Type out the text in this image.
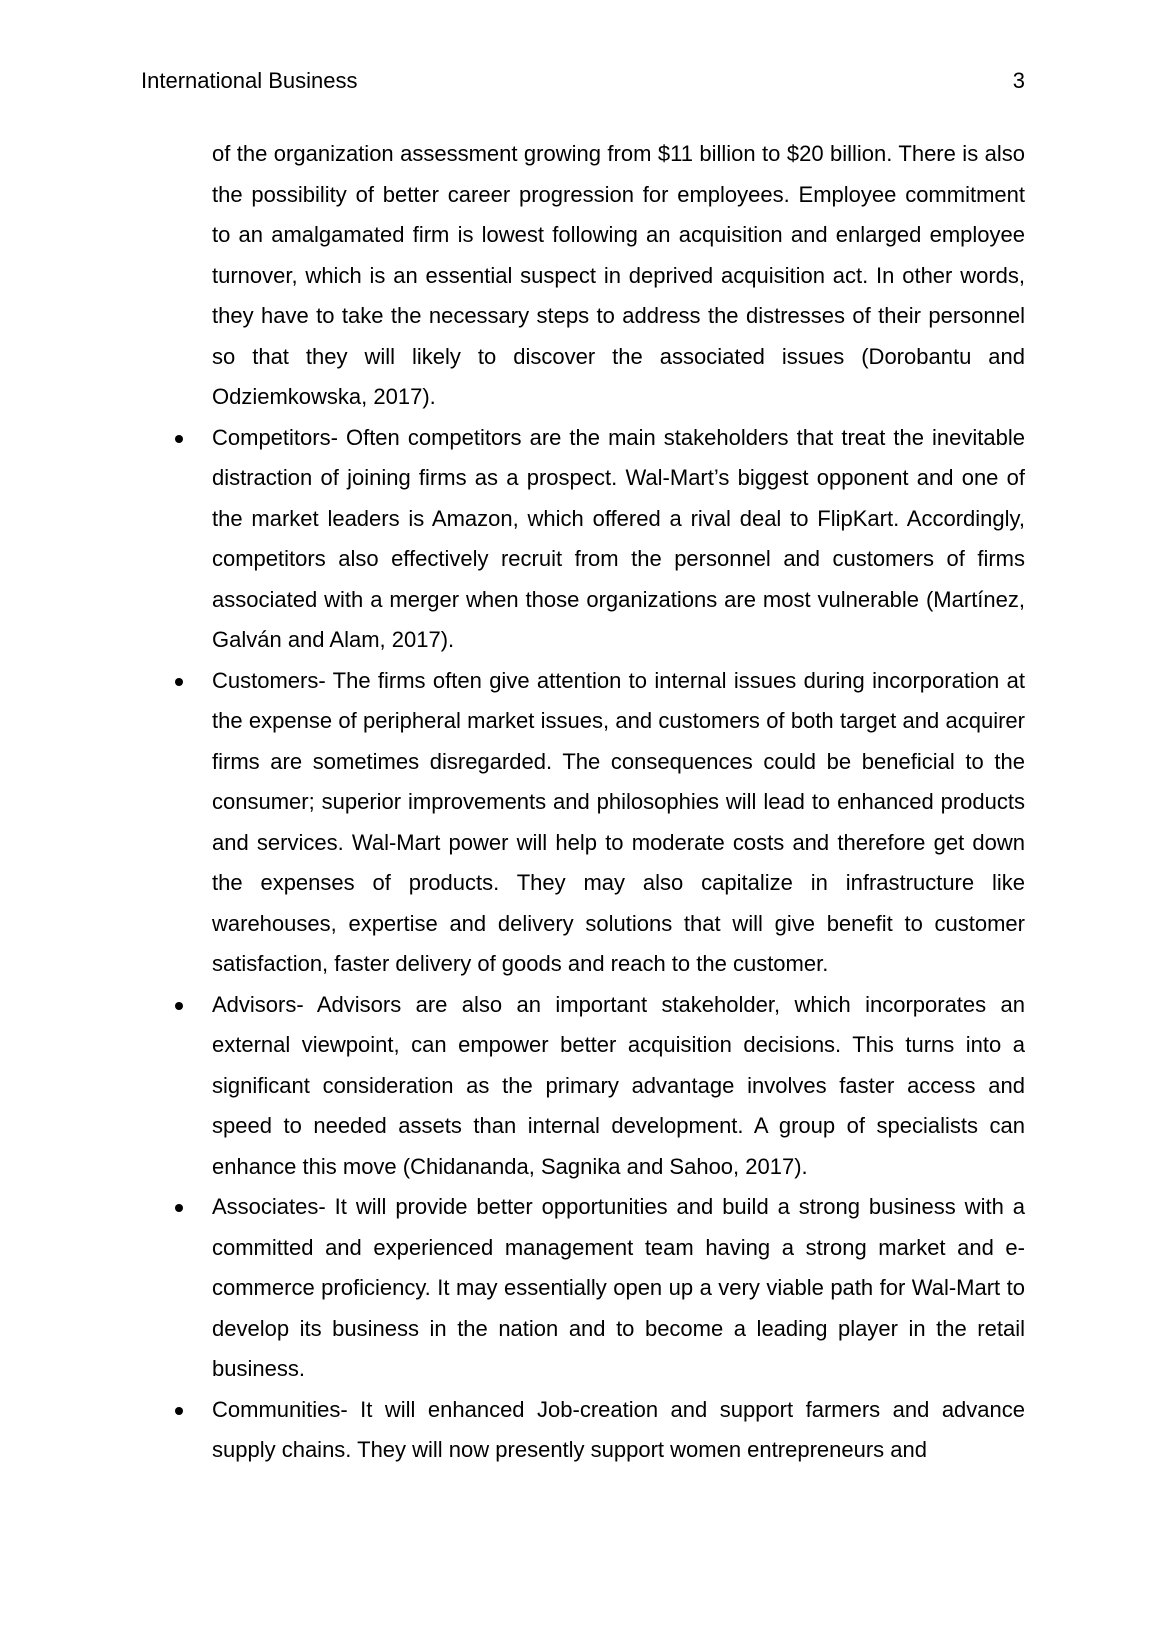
International Business	3

of the organization assessment growing from $11 billion to $20 billion. There is also the possibility of better career progression for employees. Employee commitment to an amalgamated firm is lowest following an acquisition and enlarged employee turnover, which is an essential suspect in deprived acquisition act. In other words, they have to take the necessary steps to address the distresses of their personnel so that they will likely to discover the associated issues (Dorobantu and Odziemkowska, 2017).

Competitors- Often competitors are the main stakeholders that treat the inevitable distraction of joining firms as a prospect. Wal-Mart’s biggest opponent and one of the market leaders is Amazon, which offered a rival deal to FlipKart. Accordingly, competitors also effectively recruit from the personnel and customers of firms associated with a merger when those organizations are most vulnerable (Martínez, Galván and Alam, 2017).
Customers- The firms often give attention to internal issues during incorporation at the expense of peripheral market issues, and customers of both target and acquirer firms are sometimes disregarded. The consequences could be beneficial to the consumer; superior improvements and philosophies will lead to enhanced products and services. Wal-Mart power will help to moderate costs and therefore get down the expenses of products. They may also capitalize in infrastructure like warehouses, expertise and delivery solutions that will give benefit to customer satisfaction, faster delivery of goods and reach to the customer.
Advisors- Advisors are also an important stakeholder, which incorporates an external viewpoint, can empower better acquisition decisions. This turns into a significant consideration as the primary advantage involves faster access and speed to needed assets than internal development. A group of specialists can enhance this move (Chidananda, Sagnika and Sahoo, 2017).
Associates- It will provide better opportunities and build a strong business with a committed and experienced management team having a strong market and e-commerce proficiency. It may essentially open up a very viable path for Wal-Mart to develop its business in the nation and to become a leading player in the retail business.
Communities- It will enhanced Job-creation and support farmers and advance supply chains. They will now presently support women entrepreneurs and
